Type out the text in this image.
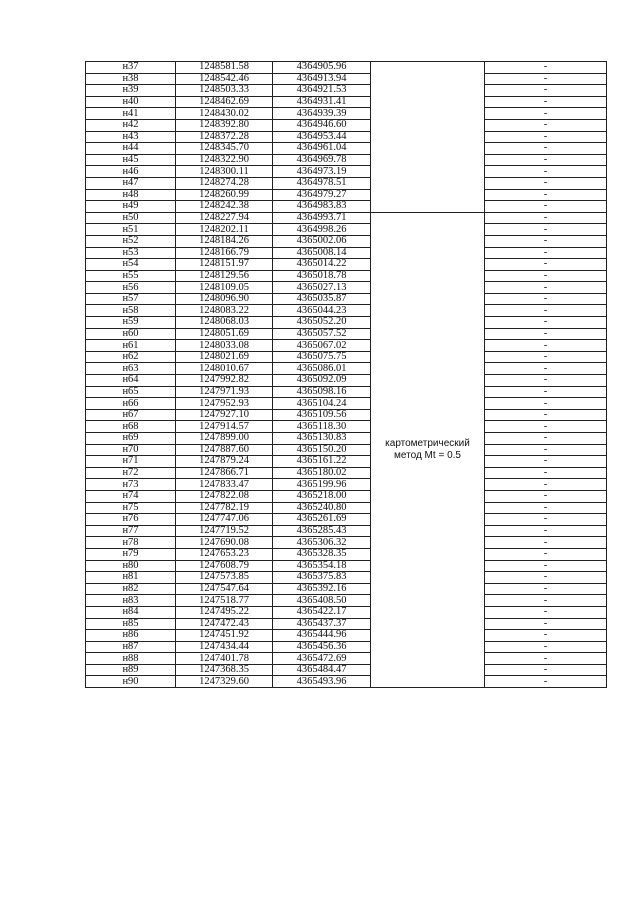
н37	1248581.58	4364905.96		-
н38	1248542.46	4364913.94		-
н39	1248503.33	4364921.53		-
н40	1248462.69	4364931.41		-
н41	1248430.02	4364939.39		-
н42	1248392.80	4364946.60		-
н43	1248372.28	4364953.44		-
н44	1248345.70	4364961.04		-
н45	1248322.90	4364969.78		-
н46	1248300.11	4364973.19		-
н47	1248274.28	4364978.51		-
н48	1248260.99	4364979.27		-
н49	1248242.38	4364983.83		-
н50	1248227.94	4364993.71	картометрический метод Mt = 0.5	-
н51	1248202.11	4364998.26		-
н52	1248184.26	4365002.06		-
н53	1248166.79	4365008.14		-
н54	1248151.97	4365014.22		-
н55	1248129.56	4365018.78		-
н56	1248109.05	4365027.13		-
н57	1248096.90	4365035.87		-
н58	1248083.22	4365044.23		-
н59	1248068.03	4365052.20		-
н60	1248051.69	4365057.52		-
н61	1248033.08	4365067.02		-
н62	1248021.69	4365075.75		-
н63	1248010.67	4365086.01		-
н64	1247992.82	4365092.09		-
н65	1247971.93	4365098.16		-
н66	1247952.93	4365104.24		-
н67	1247927.10	4365109.56		-
н68	1247914.57	4365118.30		-
н69	1247899.00	4365130.83		-
н70	1247887.60	4365150.20		-
н71	1247879.24	4365161.22		-
н72	1247866.71	4365180.02		-
н73	1247833.47	4365199.96		-
н74	1247822.08	4365218.00		-
н75	1247782.19	4365240.80		-
н76	1247747.06	4365261.69		-
н77	1247719.52	4365285.43		-
н78	1247690.08	4365306.32		-
н79	1247653.23	4365328.35		-
н80	1247608.79	4365354.18		-
н81	1247573.85	4365375.83		-
н82	1247547.64	4365392.16		-
н83	1247518.77	4365408.50		-
н84	1247495.22	4365422.17		-
н85	1247472.43	4365437.37		-
н86	1247451.92	4365444.96		-
н87	1247434.44	4365456.36		-
н88	1247401.78	4365472.69		-
н89	1247368.35	4365484.47		-
н90	1247329.60	4365493.96		-
